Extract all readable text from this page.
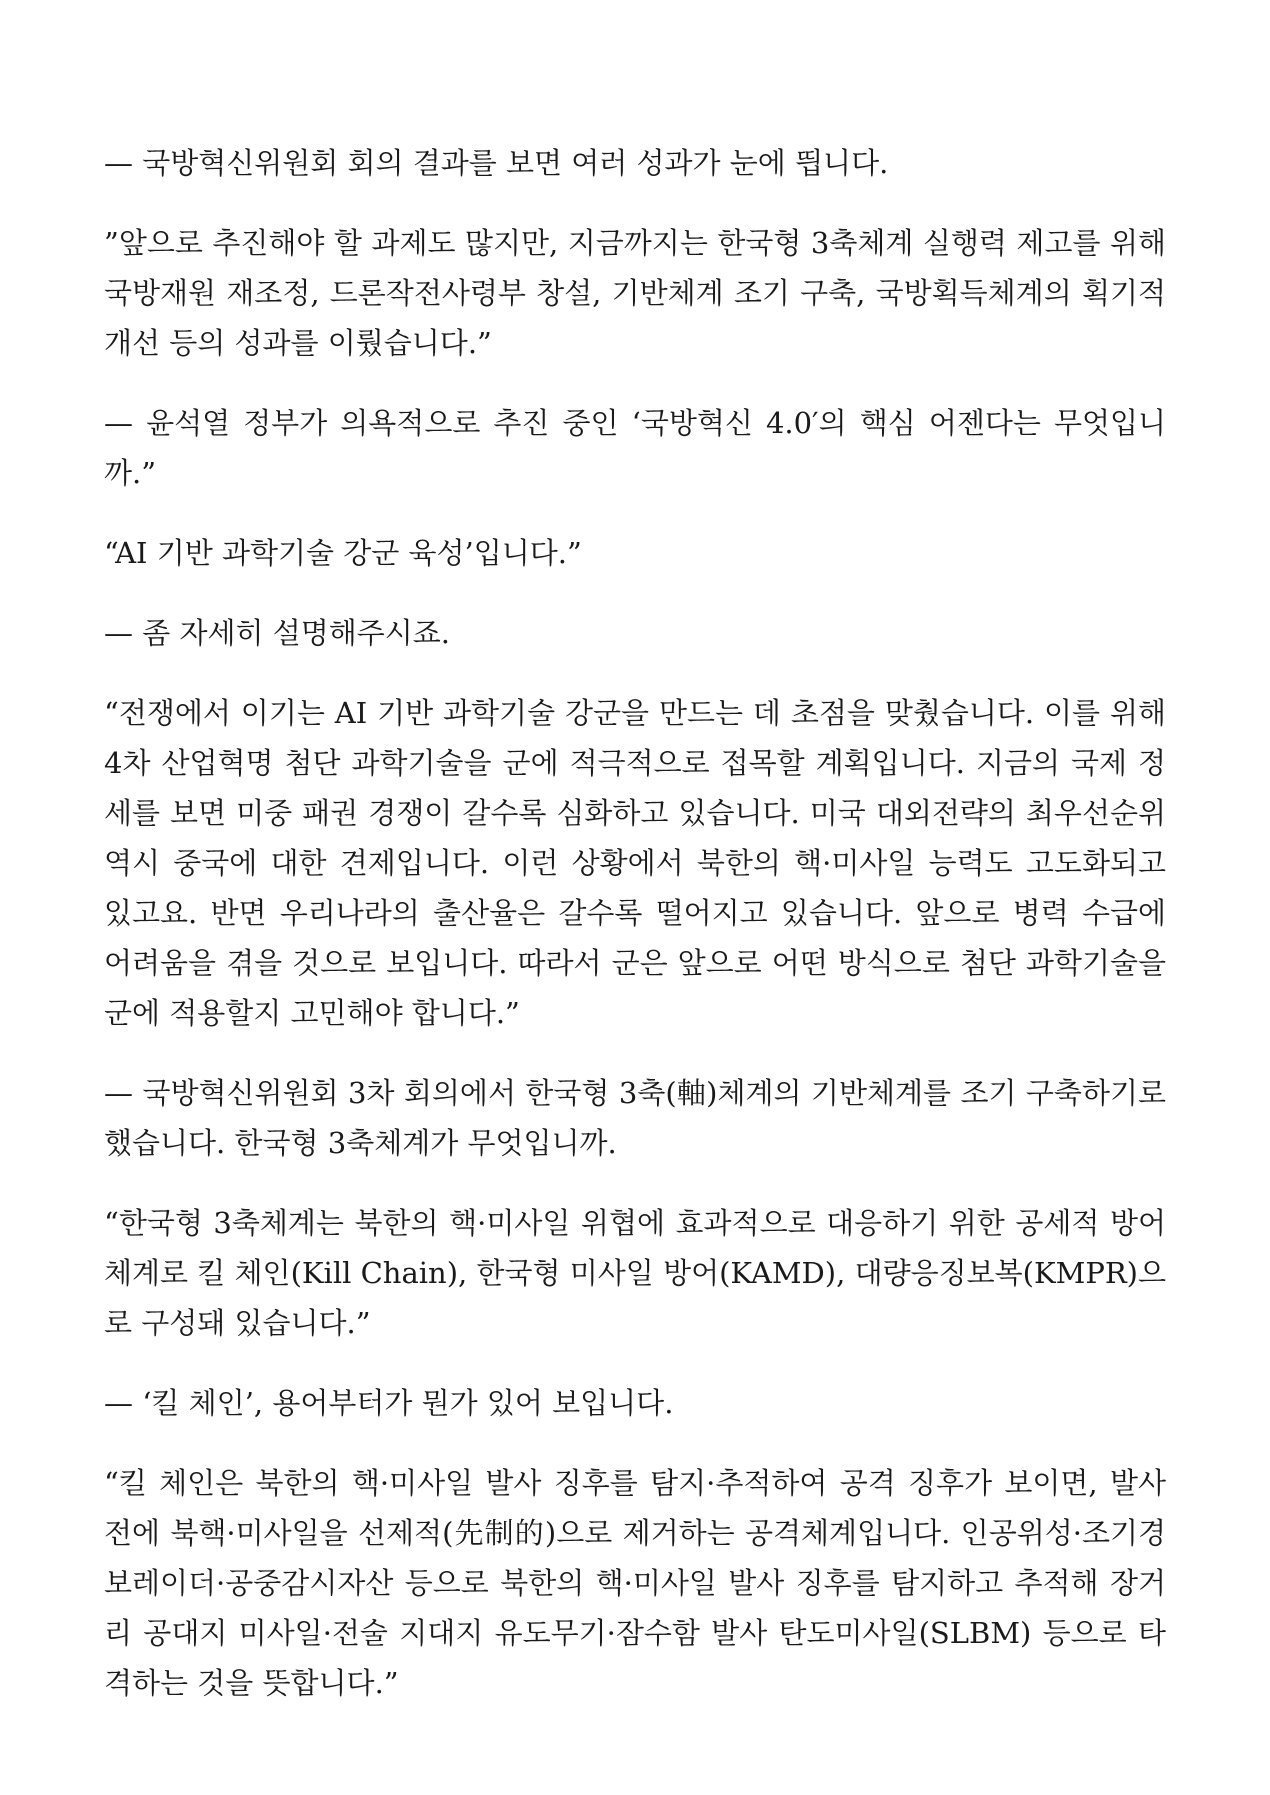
— 국방혁신위원회 회의 결과를 보면 여러 성과가 눈에 띕니다.

”앞으로 추진해야 할 과제도 많지만, 지금까지는 한국형 3축체계 실행력 제고를 위해 국방재원 재조정, 드론작전사령부 창설, 기반체계 조기 구축, 국방획득체계의 획기적 개선 등의 성과를 이뤘습니다.”

— 윤석열 정부가 의욕적으로 추진 중인 ‘국방혁신 4.0′의 핵심 어젠다는 무엇입니까.”

“AI 기반 과학기술 강군 육성’입니다.”

— 좀 자세히 설명해주시죠.

“전쟁에서 이기는 AI 기반 과학기술 강군을 만드는 데 초점을 맞췄습니다. 이를 위해 4차 산업혁명 첨단 과학기술을 군에 적극적으로 접목할 계획입니다. 지금의 국제 정세를 보면 미중 패권 경쟁이 갈수록 심화하고 있습니다. 미국 대외전략의 최우선순위 역시 중국에 대한 견제입니다. 이런 상황에서 북한의 핵·미사일 능력도 고도화되고 있고요. 반면 우리나라의 출산율은 갈수록 떨어지고 있습니다. 앞으로 병력 수급에 어려움을 겪을 것으로 보입니다. 따라서 군은 앞으로 어떤 방식으로 첨단 과학기술을 군에 적용할지 고민해야 합니다.”

— 국방혁신위원회 3차 회의에서 한국형 3축(軸)체계의 기반체계를 조기 구축하기로 했습니다. 한국형 3축체계가 무엇입니까.

“한국형 3축체계는 북한의 핵·미사일 위협에 효과적으로 대응하기 위한 공세적 방어체계로 킬 체인(Kill Chain), 한국형 미사일 방어(KAMD), 대량응징보복(KMPR)으로 구성돼 있습니다.”

— ‘킬 체인’, 용어부터가 뭔가 있어 보입니다.

“킬 체인은 북한의 핵·미사일 발사 징후를 탐지·추적하여 공격 징후가 보이면, 발사 전에 북핵·미사일을 선제적(先制的)으로 제거하는 공격체계입니다. 인공위성·조기경보레이더·공중감시자산 등으로 북한의 핵·미사일 발사 징후를 탐지하고 추적해 장거리 공대지 미사일·전술 지대지 유도무기·잠수함 발사 탄도미사일(SLBM) 등으로 타격하는 것을 뜻합니다.”
